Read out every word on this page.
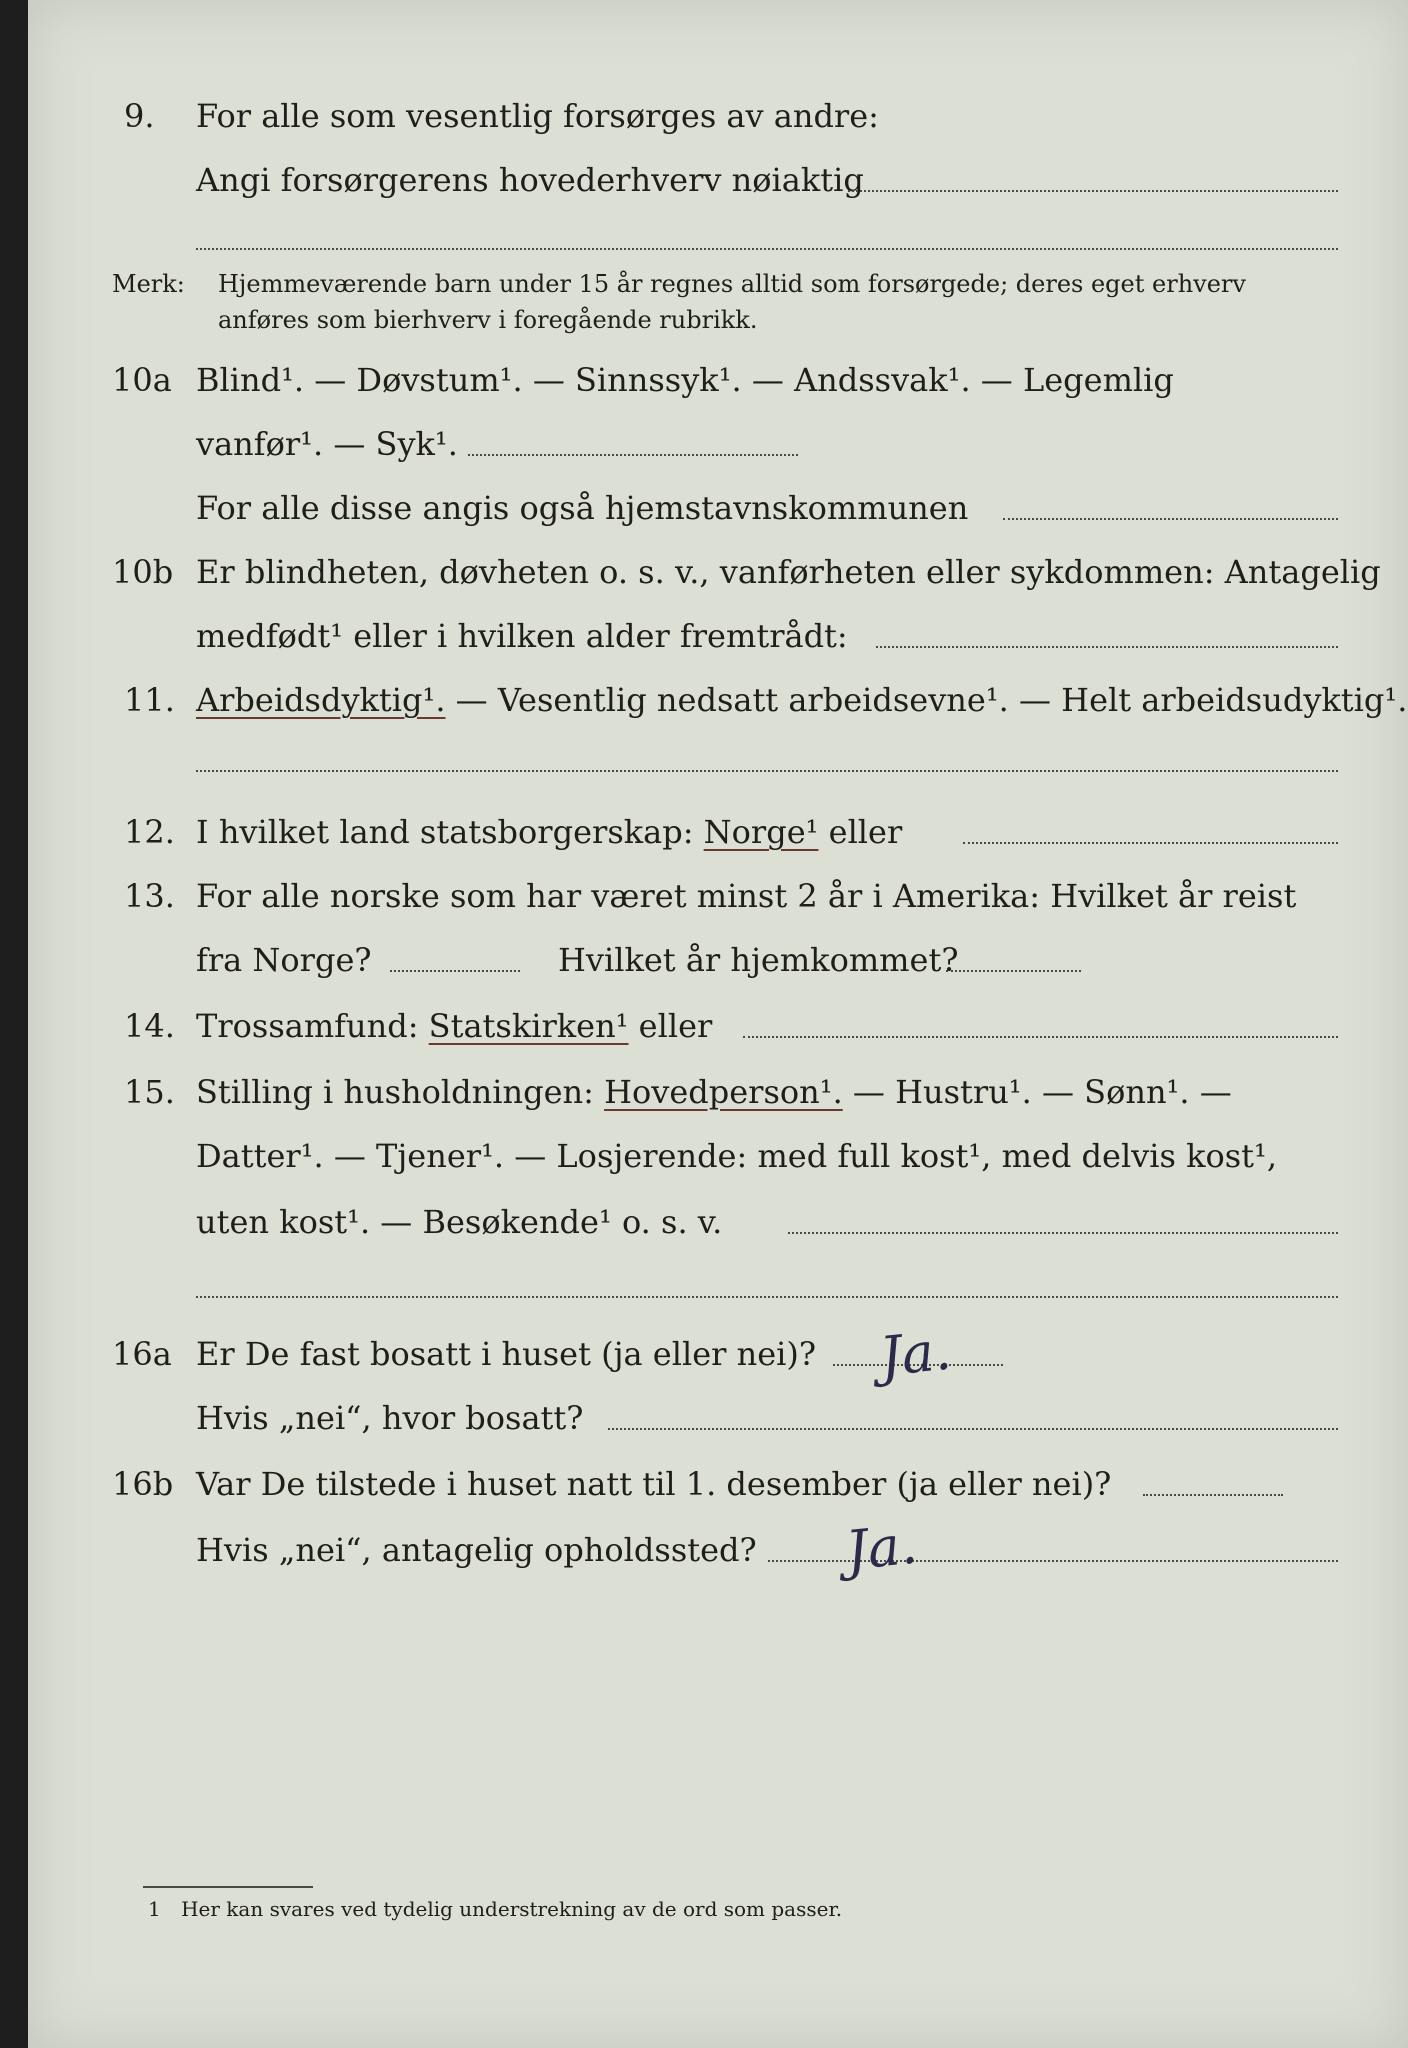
9. For alle som vesentlig forsørges av andre:
Angi forsørgerens hovederhverv nøiaktig
Merk: Hjemmeværende barn under 15 år regnes alltid som forsørgede; deres eget erhverv
anføres som bierhverv i foregående rubrikk.
10a Blind¹. — Døvstum¹. — Sinnssyk¹. — Andssvak¹. — Legemlig
vanfør¹. — Syk¹.
For alle disse angis også hjemstavnskommunen
10b Er blindheten, døvheten o. s. v., vanførheten eller sykdommen: Antagelig
medfødt¹ eller i hvilken alder fremtrådt:
11. Arbeidsdyktig¹. — Vesentlig nedsatt arbeidsevne¹. — Helt arbeidsudyktig¹.
12. I hvilket land statsborgerskap: Norge¹ eller
13. For alle norske som har været minst 2 år i Amerika: Hvilket år reist
fra Norge?	Hvilket år hjemkommet?
14. Trossamfund: Statskirken¹ eller
15. Stilling i husholdningen: Hovedperson¹. — Hustru¹. — Sønn¹. —
Datter¹. — Tjener¹. — Losjerende: med full kost¹, med delvis kost¹,
uten kost¹. — Besøkende¹ o. s. v.
16a Er De fast bosatt i huset (ja eller nei)? Ja.
Hvis „nei“, hvor bosatt?
16b Var De tilstede i huset natt til 1. desember (ja eller nei)?
Hvis „nei“, antagelig opholdssted? Ja.
1 Her kan svares ved tydelig understrekning av de ord som passer.
